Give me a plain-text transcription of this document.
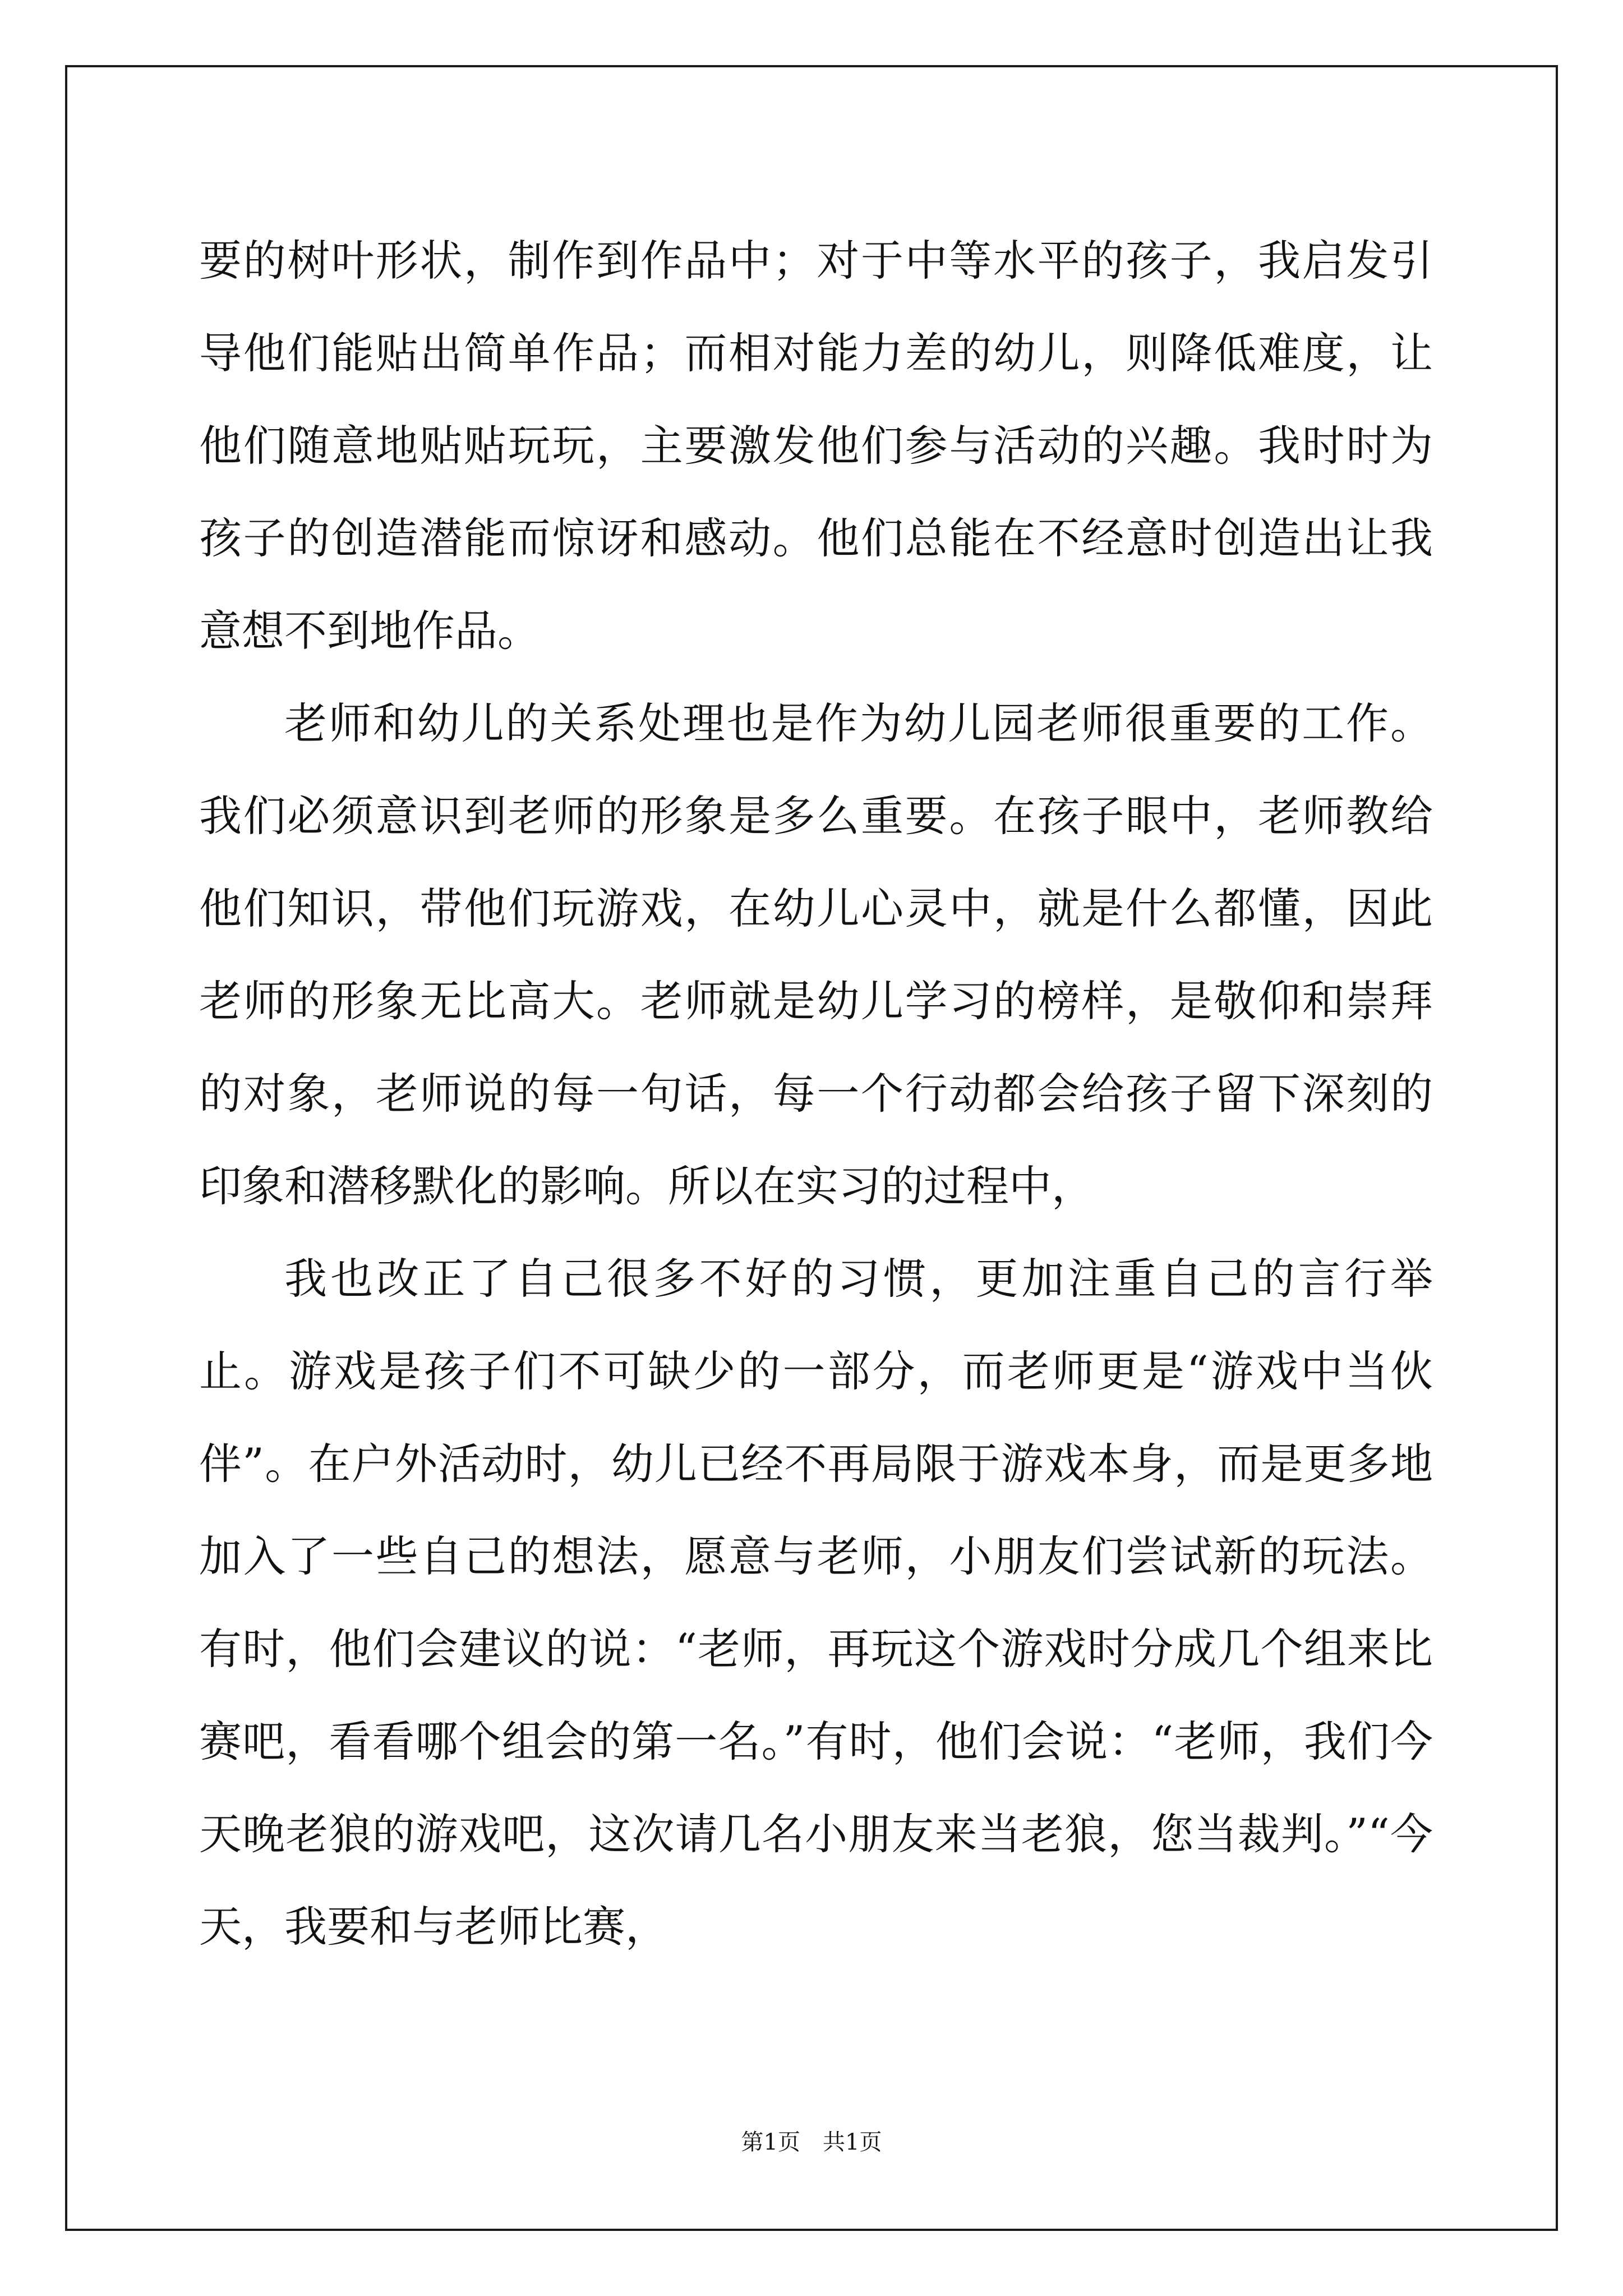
要的树叶形状，制作到作品中；对于中等水平的孩子，我启发引导他们能贴出简单作品；而相对能力差的幼儿，则降低难度，让他们随意地贴贴玩玩，主要激发他们参与活动的兴趣。我时时为孩子的创造潜能而惊讶和感动。他们总能在不经意时创造出让我意想不到地作品。

老师和幼儿的关系处理也是作为幼儿园老师很重要的工作。我们必须意识到老师的形象是多么重要。在孩子眼中，老师教给他们知识，带他们玩游戏，在幼儿心灵中，就是什么都懂，因此老师的形象无比高大。老师就是幼儿学习的榜样，是敬仰和崇拜的对象，老师说的每一句话，每一个行动都会给孩子留下深刻的印象和潜移默化的影响。所以在实习的过程中，

我也改正了自己很多不好的习惯，更加注重自己的言行举止。游戏是孩子们不可缺少的一部分，而老师更是“游戏中当伙伴”。在户外活动时，幼儿已经不再局限于游戏本身，而是更多地加入了一些自己的想法，愿意与老师，小朋友们尝试新的玩法。有时，他们会建议的说：“老师，再玩这个游戏时分成几个组来比赛吧，看看哪个组会的第一名。”有时，他们会说：“老师，我们今天晚老狼的游戏吧，这次请几名小朋友来当老狼，您当裁判。”“今天，我要和与老师比赛，

第1页 共1页
